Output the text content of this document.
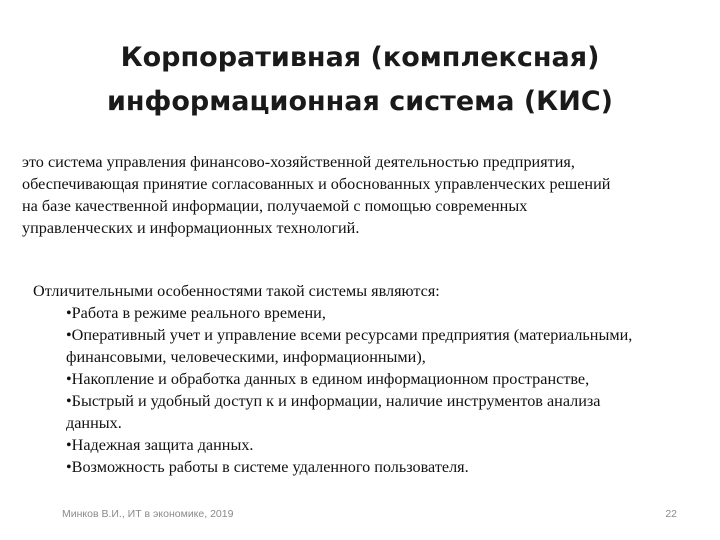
Корпоративная (комплексная)
информационная система (КИС)
это система управления финансово-хозяйственной деятельностью предприятия,
обеспечивающая принятие согласованных и обоснованных управленческих решений
на базе качественной информации, получаемой с помощью современных
управленческих и информационных технологий.
Отличительными особенностями такой системы являются:
•Работа в режиме реального времени,
•Оперативный учет и управление всеми ресурсами предприятия (материальными,
финансовыми, человеческими, информационными),
•Накопление и обработка данных в едином информационном пространстве,
•Быстрый и удобный доступ к и информации, наличие инструментов анализа
данных.
•Надежная защита данных.
•Возможность работы в системе удаленного пользователя.
Минков В.И., ИТ в экономике, 2019	22
